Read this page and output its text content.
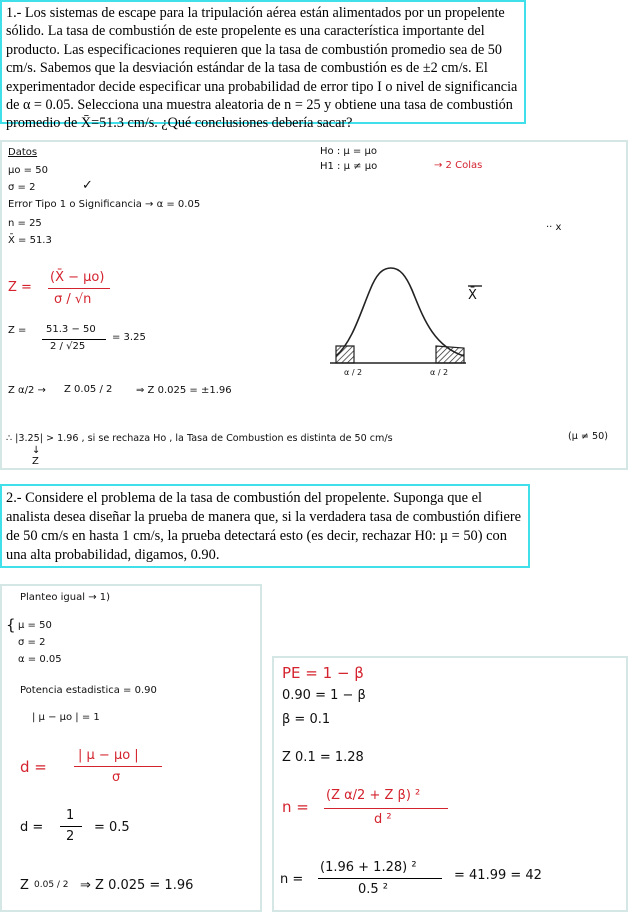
1.- Los sistemas de escape para la tripulación aérea están alimentados por un propelente sólido. La tasa de combustión de este propelente es una característica importante del producto. Las especificaciones requieren que la tasa de combustión promedio sea de 50 cm/s. Sabemos que la desviación estándar de la tasa de combustión es de ±2 cm/s. El experimentador decide especificar una probabilidad de error tipo I o nivel de significancia de α = 0.05. Selecciona una muestra aleatoria de n = 25 y obtiene una tasa de combustión promedio de X̄=51.3 cm/s. ¿Qué conclusiones debería sacar?

Datos
µo = 50
σ = 2	✓
Error Tipo 1 o Significancia → α = 0.05
n = 25
X̄ = 51.3
Ho : µ = µo
H1 : µ ≠ µo	→ 2 Colas
·· x
Z =
(X̄ − µo)
σ / √n
Z = 51.3 − 50
2 / √25
= 3.25
X̄
α / 2	α / 2
Z α/2 → Z 0.05 / 2 ⇒ Z 0.025 = ±1.96
∴ |3.25| > 1.96 , si se rechaza Ho , la Tasa de Combustion es distinta de 50 cm/s	(µ ≠ 50)
↓
Z

2.- Considere el problema de la tasa de combustión del propelente. Suponga que el analista desea diseñar la prueba de manera que, si la verdadera tasa de combustión difiere de 50 cm/s en hasta 1 cm/s, la prueba detectará esto (es decir, rechazar H0: µ = 50) con una alta probabilidad, digamos, 0.90.

Planteo igual → 1)
{ µ = 50
σ = 2
α = 0.05
Potencia estadistica = 0.90
| µ − µo | = 1
d =
| µ − µo |
σ
d =
1
2
= 0.5
Z 0.05 / 2 ⇒ Z 0.025 = 1.96
PE = 1 − β
0.90 = 1 − β
β = 0.1
Z 0.1 = 1.28
n =
(Z α/2 + Z β) ²
d ²
n =
(1.96 + 1.28) ²
0.5 ²
= 41.99 = 42
